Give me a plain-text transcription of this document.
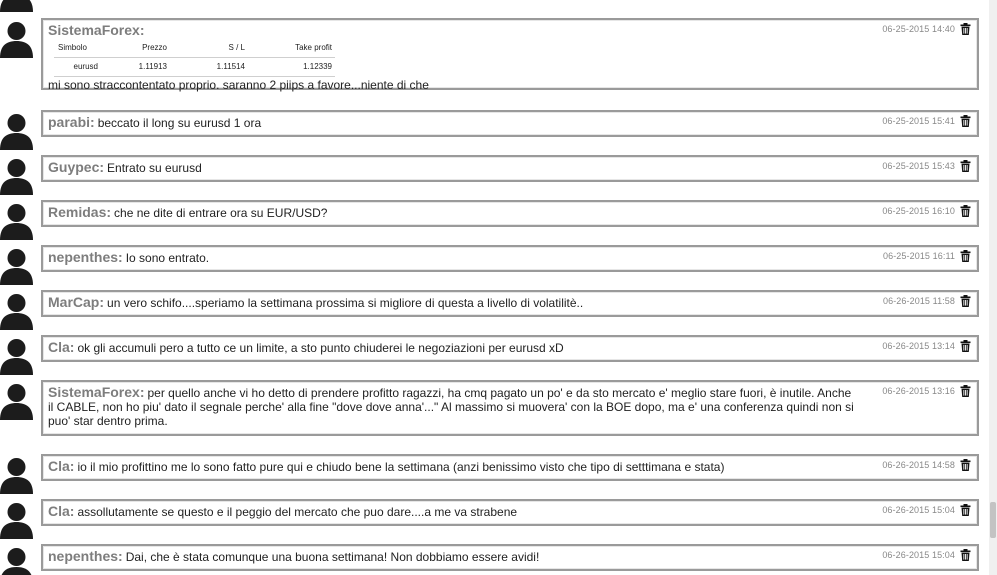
SistemaForex:
Simbolo	Prezzo	S / L	Take profit
eurusd	1.11913	1.11514	1.12339
mi sono straccontentato proprio. saranno 2 piips a favore...niente di che
06-25-2015 14:40
parabi: beccato il long su eurusd 1 ora	06-25-2015 15:41
Guypec: Entrato su eurusd	06-25-2015 15:43
Remidas: che ne dite di entrare ora su EUR/USD?	06-25-2015 16:10
nepenthes: Io sono entrato.	06-25-2015 16:11
MarCap: un vero schifo....speriamo la settimana prossima si migliore di questa a livello di volatilitè..	06-26-2015 11:58
Cla: ok gli accumuli pero a tutto ce un limite, a sto punto chiuderei le negoziazioni per eurusd xD	06-26-2015 13:14
SistemaForex: per quello anche vi ho detto di prendere profitto ragazzi, ha cmq pagato un po' e da sto mercato e' meglio stare fuori, è inutile. Anche il CABLE, non ho piu' dato il segnale perche' alla fine "dove dove anna'..." Al massimo si muovera' con la BOE dopo, ma e' una conferenza quindi non si puo' star dentro prima.
06-26-2015 13:16
Cla: io il mio profittino me lo sono fatto pure qui e chiudo bene la settimana (anzi benissimo visto che tipo di setttimana e stata)	06-26-2015 14:58
Cla: assollutamente se questo e il peggio del mercato che puo dare....a me va strabene	06-26-2015 15:04
nepenthes: Dai, che è stata comunque una buona settimana! Non dobbiamo essere avidi!	06-26-2015 15:04
